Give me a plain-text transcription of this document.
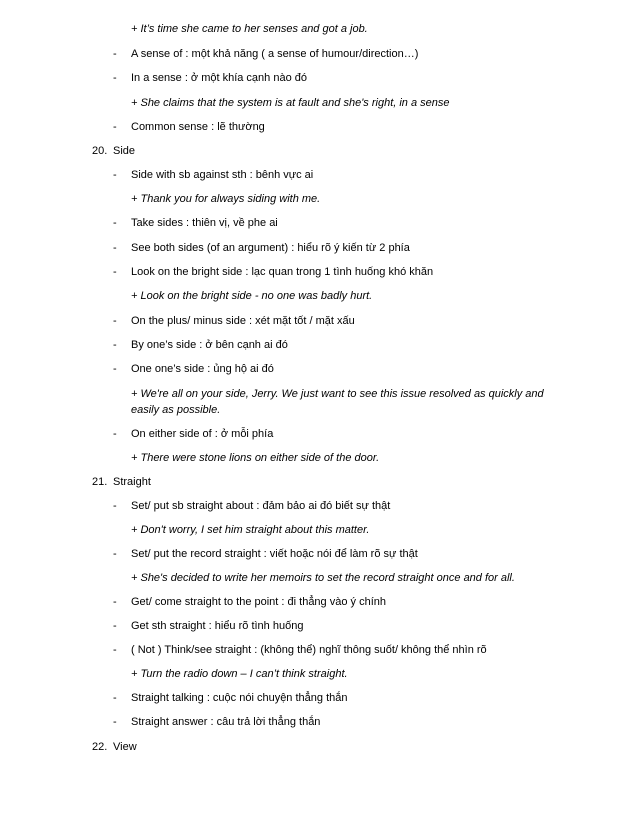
+ It’s time she came to her senses and got a job.
- A sense of : một khả năng ( a sense of humour/direction…)
- In a sense : ở một khía cạnh nào đó
+ She claims that the system is at fault and she's right, in a sense
- Common sense : lẽ thường
20. Side
- Side with sb against sth : bênh vực ai
+ Thank you for always siding with me.
- Take sides : thiên vị, về phe ai
- See both sides (of an argument) : hiểu rõ ý kiến từ 2 phía
- Look on the bright side : lạc quan trong 1 tình huống khó khăn
+ Look on the bright side - no one was badly hurt.
- On the plus/ minus side : xét mặt tốt / mặt xấu
- By one’s side : ở bên cạnh ai đó
- One one’s side : ủng hộ ai đó
+ We're all on your side, Jerry. We just want to see this issue resolved as quickly and easily as possible.
- On either side of : ở mỗi phía
+ There were stone lions on either side of the door.
21. Straight
- Set/ put sb straight about : đảm bảo ai đó biết sự thật
+ Don't worry, I set him straight about this matter.
- Set/ put the record straight : viết hoặc nói để làm rõ sự thật
+ She's decided to write her memoirs to set the record straight once and for all.
- Get/ come straight to the point : đi thẳng vào ý chính
- Get sth straight : hiểu rõ tình huống
- ( Not ) Think/see straight : (không thể) nghĩ thông suốt/ không thể nhìn rõ
+ Turn the radio down – I can’t think straight.
- Straight talking : cuộc nói chuyện thẳng thắn
- Straight answer : câu trả lời thẳng thắn
22. View
